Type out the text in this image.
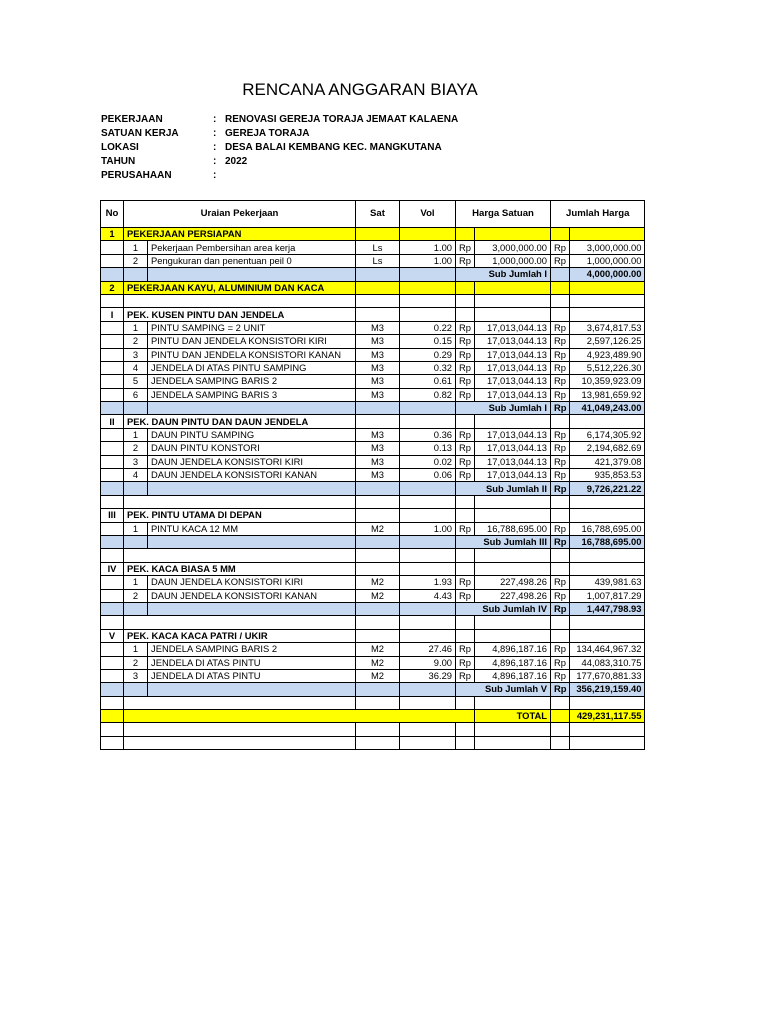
RENCANA ANGGARAN BIAYA
PEKERJAAN	: RENOVASI GEREJA TORAJA JEMAAT KALAENA
SATUAN KERJA	: GEREJA TORAJA
LOKASI	: DESA BALAI KEMBANG KEC. MANGKUTANA
TAHUN	: 2022
PERUSAHAAN	:
No	Uraian Pekerjaan		Sat	Vol	Harga Satuan		Jumlah Harga	
1	PEKERJAAN PERSIAPAN							
	1	Pekerjaan Pembersihan area kerja	Ls	1.00	Rp	3,000,000.00	Rp	3,000,000.00
	2	Pengukuran dan penentuan peil 0	Ls	1.00	Rp	1,000,000.00	Rp	1,000,000.00
					Sub Jumlah I			4,000,000.00
2	PEKERJAAN KAYU, ALUMINIUM DAN KACA							

I	PEK. KUSEN PINTU DAN JENDELA							
	1	PINTU SAMPING = 2 UNIT	M3	0.22	Rp	17,013,044.13	Rp	3,674,817.53
	2	PINTU DAN JENDELA KONSISTORI KIRI	M3	0.15	Rp	17,013,044.13	Rp	2,597,126.25
	3	PINTU DAN JENDELA KONSISTORI KANAN	M3	0.29	Rp	17,013,044.13	Rp	4,923,489.90
	4	JENDELA DI ATAS PINTU SAMPING	M3	0.32	Rp	17,013,044.13	Rp	5,512,226.30
	5	JENDELA SAMPING BARIS 2	M3	0.61	Rp	17,013,044.13	Rp	10,359,923.09
	6	JENDELA SAMPING BARIS 3	M3	0.82	Rp	17,013,044.13	Rp	13,981,659.92
					Sub Jumlah I		Rp	41,049,243.00
II	PEK. DAUN PINTU DAN DAUN JENDELA							
	1	DAUN PINTU SAMPING	M3	0.36	Rp	17,013,044.13	Rp	6,174,305.92
	2	DAUN PINTU KONSTORI	M3	0.13	Rp	17,013,044.13	Rp	2,194,682.69
	3	DAUN JENDELA KONSISTORI KIRI	M3	0.02	Rp	17,013,044.13	Rp	421,379.08
	4	DAUN JENDELA KONSISTORI KANAN	M3	0.06	Rp	17,013,044.13	Rp	935,853.53
					Sub Jumlah II		Rp	9,726,221.22

III	PEK. PINTU UTAMA DI DEPAN							
	1	PINTU KACA 12 MM	M2	1.00	Rp	16,788,695.00	Rp	16,788,695.00
					Sub Jumlah III		Rp	16,788,695.00

IV	PEK. KACA BIASA 5 MM							
	1	DAUN JENDELA KONSISTORI KIRI	M2	1.93	Rp	227,498.26	Rp	439,981.63
	2	DAUN JENDELA KONSISTORI KANAN	M2	4.43	Rp	227,498.26	Rp	1,007,817.29
					Sub Jumlah IV		Rp	1,447,798.93

V	PEK. KACA KACA PATRI / UKIR							
	1	JENDELA SAMPING BARIS 2	M2	27.46	Rp	4,896,187.16	Rp	134,464,967.32
	2	JENDELA DI ATAS PINTU	M2	9.00	Rp	4,896,187.16	Rp	44,083,310.75
	3	JENDELA DI ATAS PINTU	M2	36.29	Rp	4,896,187.16	Rp	177,670,881.33
					Sub Jumlah V		Rp	356,219,159.40

						TOTAL		429,231,117.55
